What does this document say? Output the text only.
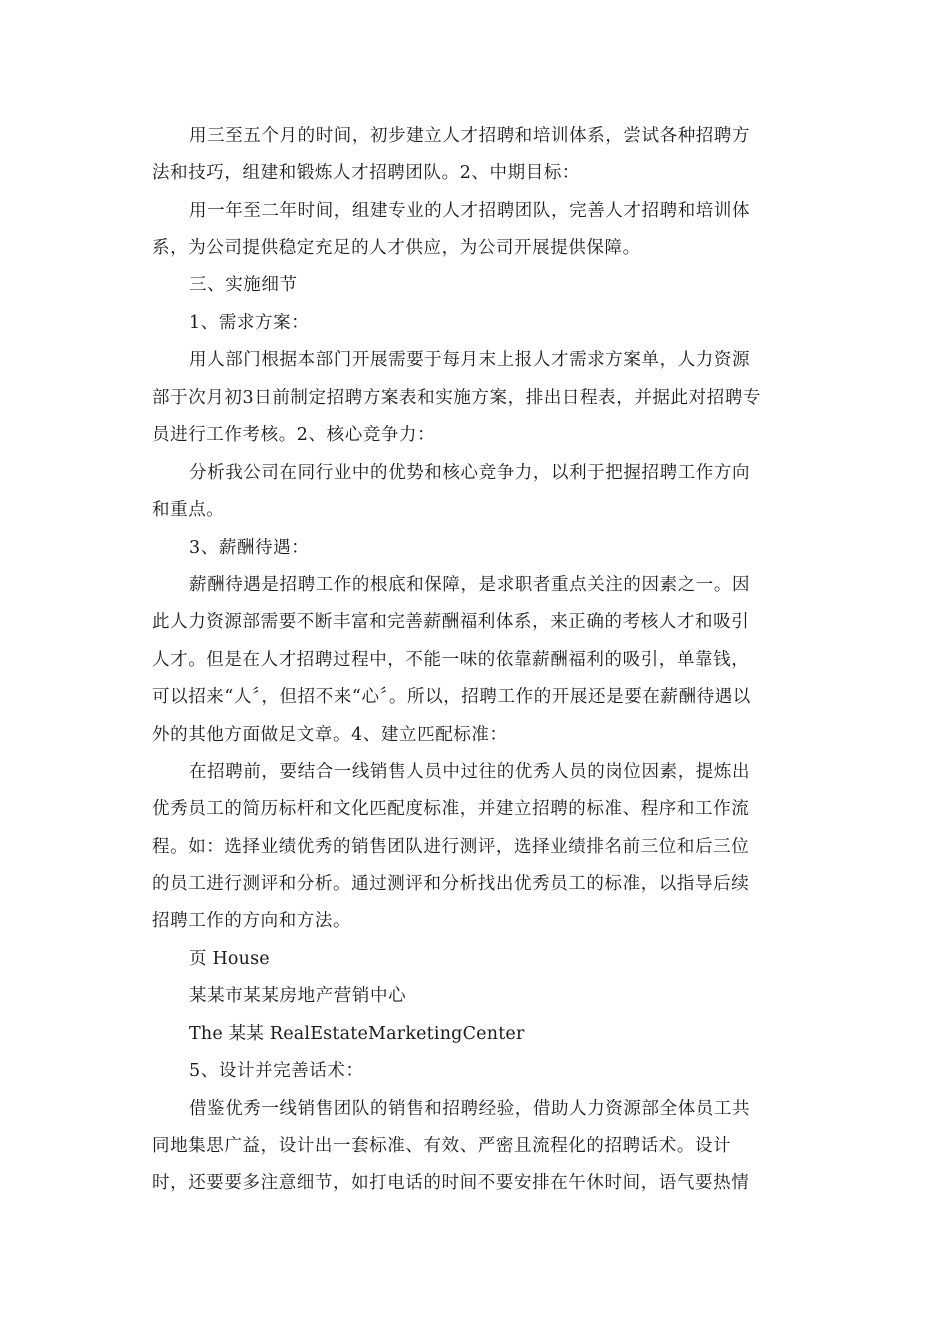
用三至五个月的时间，初步建立人才招聘和培训体系，尝试各种招聘方
法和技巧，组建和锻炼人才招聘团队。2、中期目标：
用一年至二年时间，组建专业的人才招聘团队，完善人才招聘和培训体
系，为公司提供稳定充足的人才供应，为公司开展提供保障。
三、实施细节
1、需求方案：
用人部门根据本部门开展需要于每月末上报人才需求方案单，人力资源
部于次月初3日前制定招聘方案表和实施方案，排出日程表，并据此对招聘专
员进行工作考核。2、核心竞争力：
分析我公司在同行业中的优势和核心竞争力，以利于把握招聘工作方向
和重点。
3、薪酬待遇：
薪酬待遇是招聘工作的根底和保障，是求职者重点关注的因素之一。因
此人力资源部需要不断丰富和完善薪酬福利体系，来正确的考核人才和吸引
人才。但是在人才招聘过程中，不能一味的依靠薪酬福利的吸引，单靠钱，
可以招来“人〞，但招不来“心〞。所以，招聘工作的开展还是要在薪酬待遇以
外的其他方面做足文章。4、建立匹配标准：
在招聘前，要结合一线销售人员中过往的优秀人员的岗位因素，提炼出
优秀员工的简历标杆和文化匹配度标准，并建立招聘的标准、程序和工作流
程。如：选择业绩优秀的销售团队进行测评，选择业绩排名前三位和后三位
的员工进行测评和分析。通过测评和分析找出优秀员工的标准，以指导后续
招聘工作的方向和方法。
页 House
某某市某某房地产营销中心
The 某某 RealEstateMarketingCenter
5、设计并完善话术：
借鉴优秀一线销售团队的销售和招聘经验，借助人力资源部全体员工共
同地集思广益，设计出一套标准、有效、严密且流程化的招聘话术。设计
时，还要要多注意细节，如打电话的时间不要安排在午休时间，语气要热情
